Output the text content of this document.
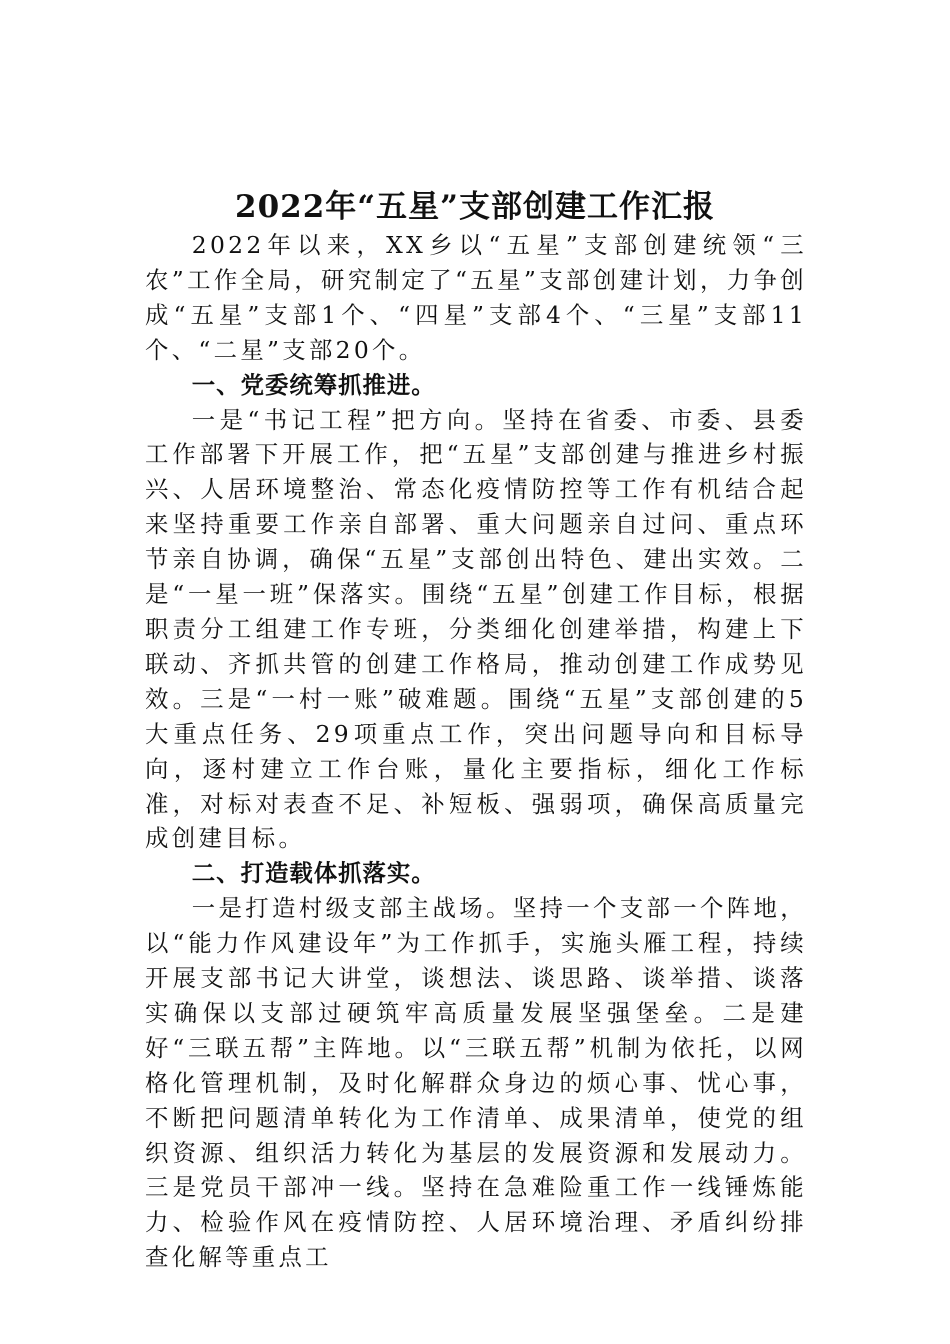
2022年“五星”支部创建工作汇报

2022年以来，XX乡以“五星”支部创建统领“三农”工作全局，研究制定了“五星”支部创建计划，力争创成“五星”支部1个、“四星”支部4个、“三星”支部11个、“二星”支部20个。

一、党委统筹抓推进。

一是“书记工程”把方向。坚持在省委、市委、县委工作部署下开展工作，把“五星”支部创建与推进乡村振兴、人居环境整治、常态化疫情防控等工作有机结合起来坚持重要工作亲自部署、重大问题亲自过问、重点环节亲自协调，确保“五星”支部创出特色、建出实效。二是“一星一班”保落实。围绕“五星”创建工作目标，根据职责分工组建工作专班，分类细化创建举措，构建上下联动、齐抓共管的创建工作格局，推动创建工作成势见效。三是“一村一账”破难题。围绕“五星”支部创建的5大重点任务、29项重点工作，突出问题导向和目标导向，逐村建立工作台账，量化主要指标，细化工作标准，对标对表查不足、补短板、强弱项，确保高质量完成创建目标。

二、打造载体抓落实。

一是打造村级支部主战场。坚持一个支部一个阵地，以“能力作风建设年”为工作抓手，实施头雁工程，持续开展支部书记大讲堂，谈想法、谈思路、谈举措、谈落实确保以支部过硬筑牢高质量发展坚强堡垒。二是建好“三联五帮”主阵地。以“三联五帮”机制为依托，以网格化管理机制，及时化解群众身边的烦心事、忧心事，不断把问题清单转化为工作清单、成果清单，使党的组织资源、组织活力转化为基层的发展资源和发展动力。三是党员干部冲一线。坚持在急难险重工作一线锤炼能力、检验作风在疫情防控、人居环境治理、矛盾纠纷排查化解等重点工
